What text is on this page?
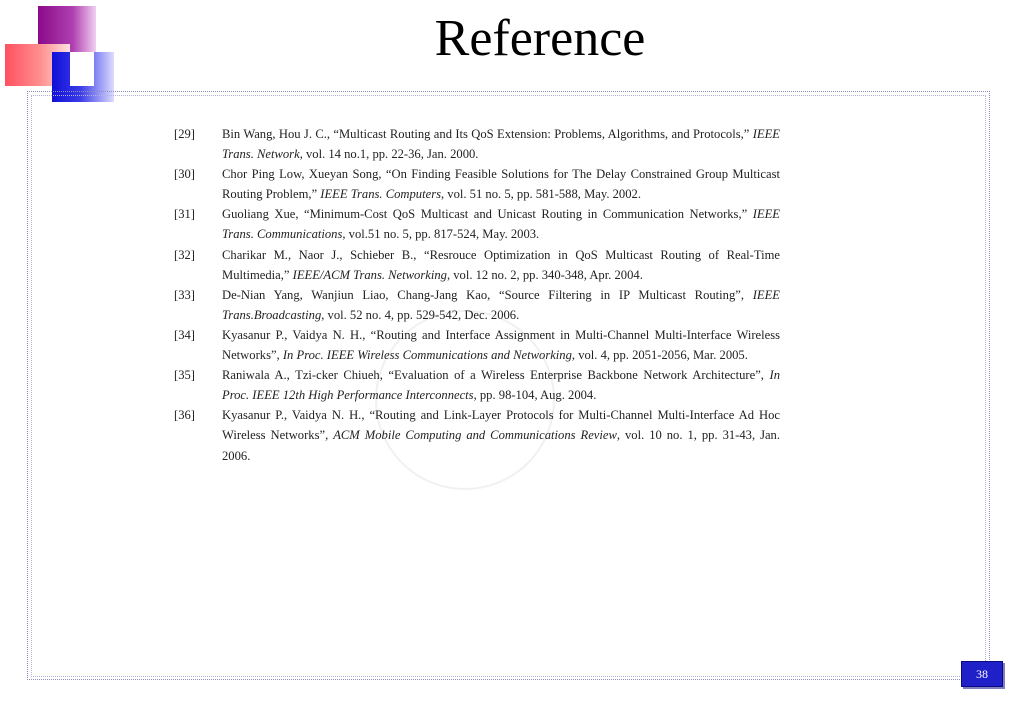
Reference
[29]	Bin Wang, Hou J. C., “Multicast Routing and Its QoS Extension: Problems, Algorithms, and Protocols,” IEEE Trans. Network, vol. 14 no.1, pp. 22-36, Jan. 2000.
[30]	Chor Ping Low, Xueyan Song, “On Finding Feasible Solutions for The Delay Constrained Group Multicast Routing Problem,” IEEE Trans. Computers, vol. 51 no. 5, pp. 581-588, May. 2002.
[31]	Guoliang Xue, “Minimum-Cost QoS Multicast and Unicast Routing in Communication Networks,” IEEE Trans. Communications, vol.51 no. 5, pp. 817-524, May. 2003.
[32]	Charikar M., Naor J., Schieber B., “Resrouce Optimization in QoS Multicast Routing of Real-Time Multimedia,” IEEE/ACM Trans. Networking, vol. 12 no. 2, pp. 340-348, Apr. 2004.
[33]	De-Nian Yang, Wanjiun Liao, Chang-Jang Kao, “Source Filtering in IP Multicast Routing”, IEEE Trans.Broadcasting, vol. 52 no. 4, pp. 529-542, Dec. 2006.
[34]	Kyasanur P., Vaidya N. H., “Routing and Interface Assignment in Multi-Channel Multi-Interface Wireless Networks”, In Proc. IEEE Wireless Communications and Networking, vol. 4, pp. 2051-2056, Mar. 2005.
[35]	Raniwala A., Tzi-cker Chiueh, “Evaluation of a Wireless Enterprise Backbone Network Architecture”, In Proc. IEEE 12th High Performance Interconnects, pp. 98-104, Aug. 2004.
[36]	Kyasanur P., Vaidya N. H., “Routing and Link-Layer Protocols for Multi-Channel Multi-Interface Ad Hoc Wireless Networks”, ACM Mobile Computing and Communications Review, vol. 10 no. 1, pp. 31-43, Jan. 2006.
38
